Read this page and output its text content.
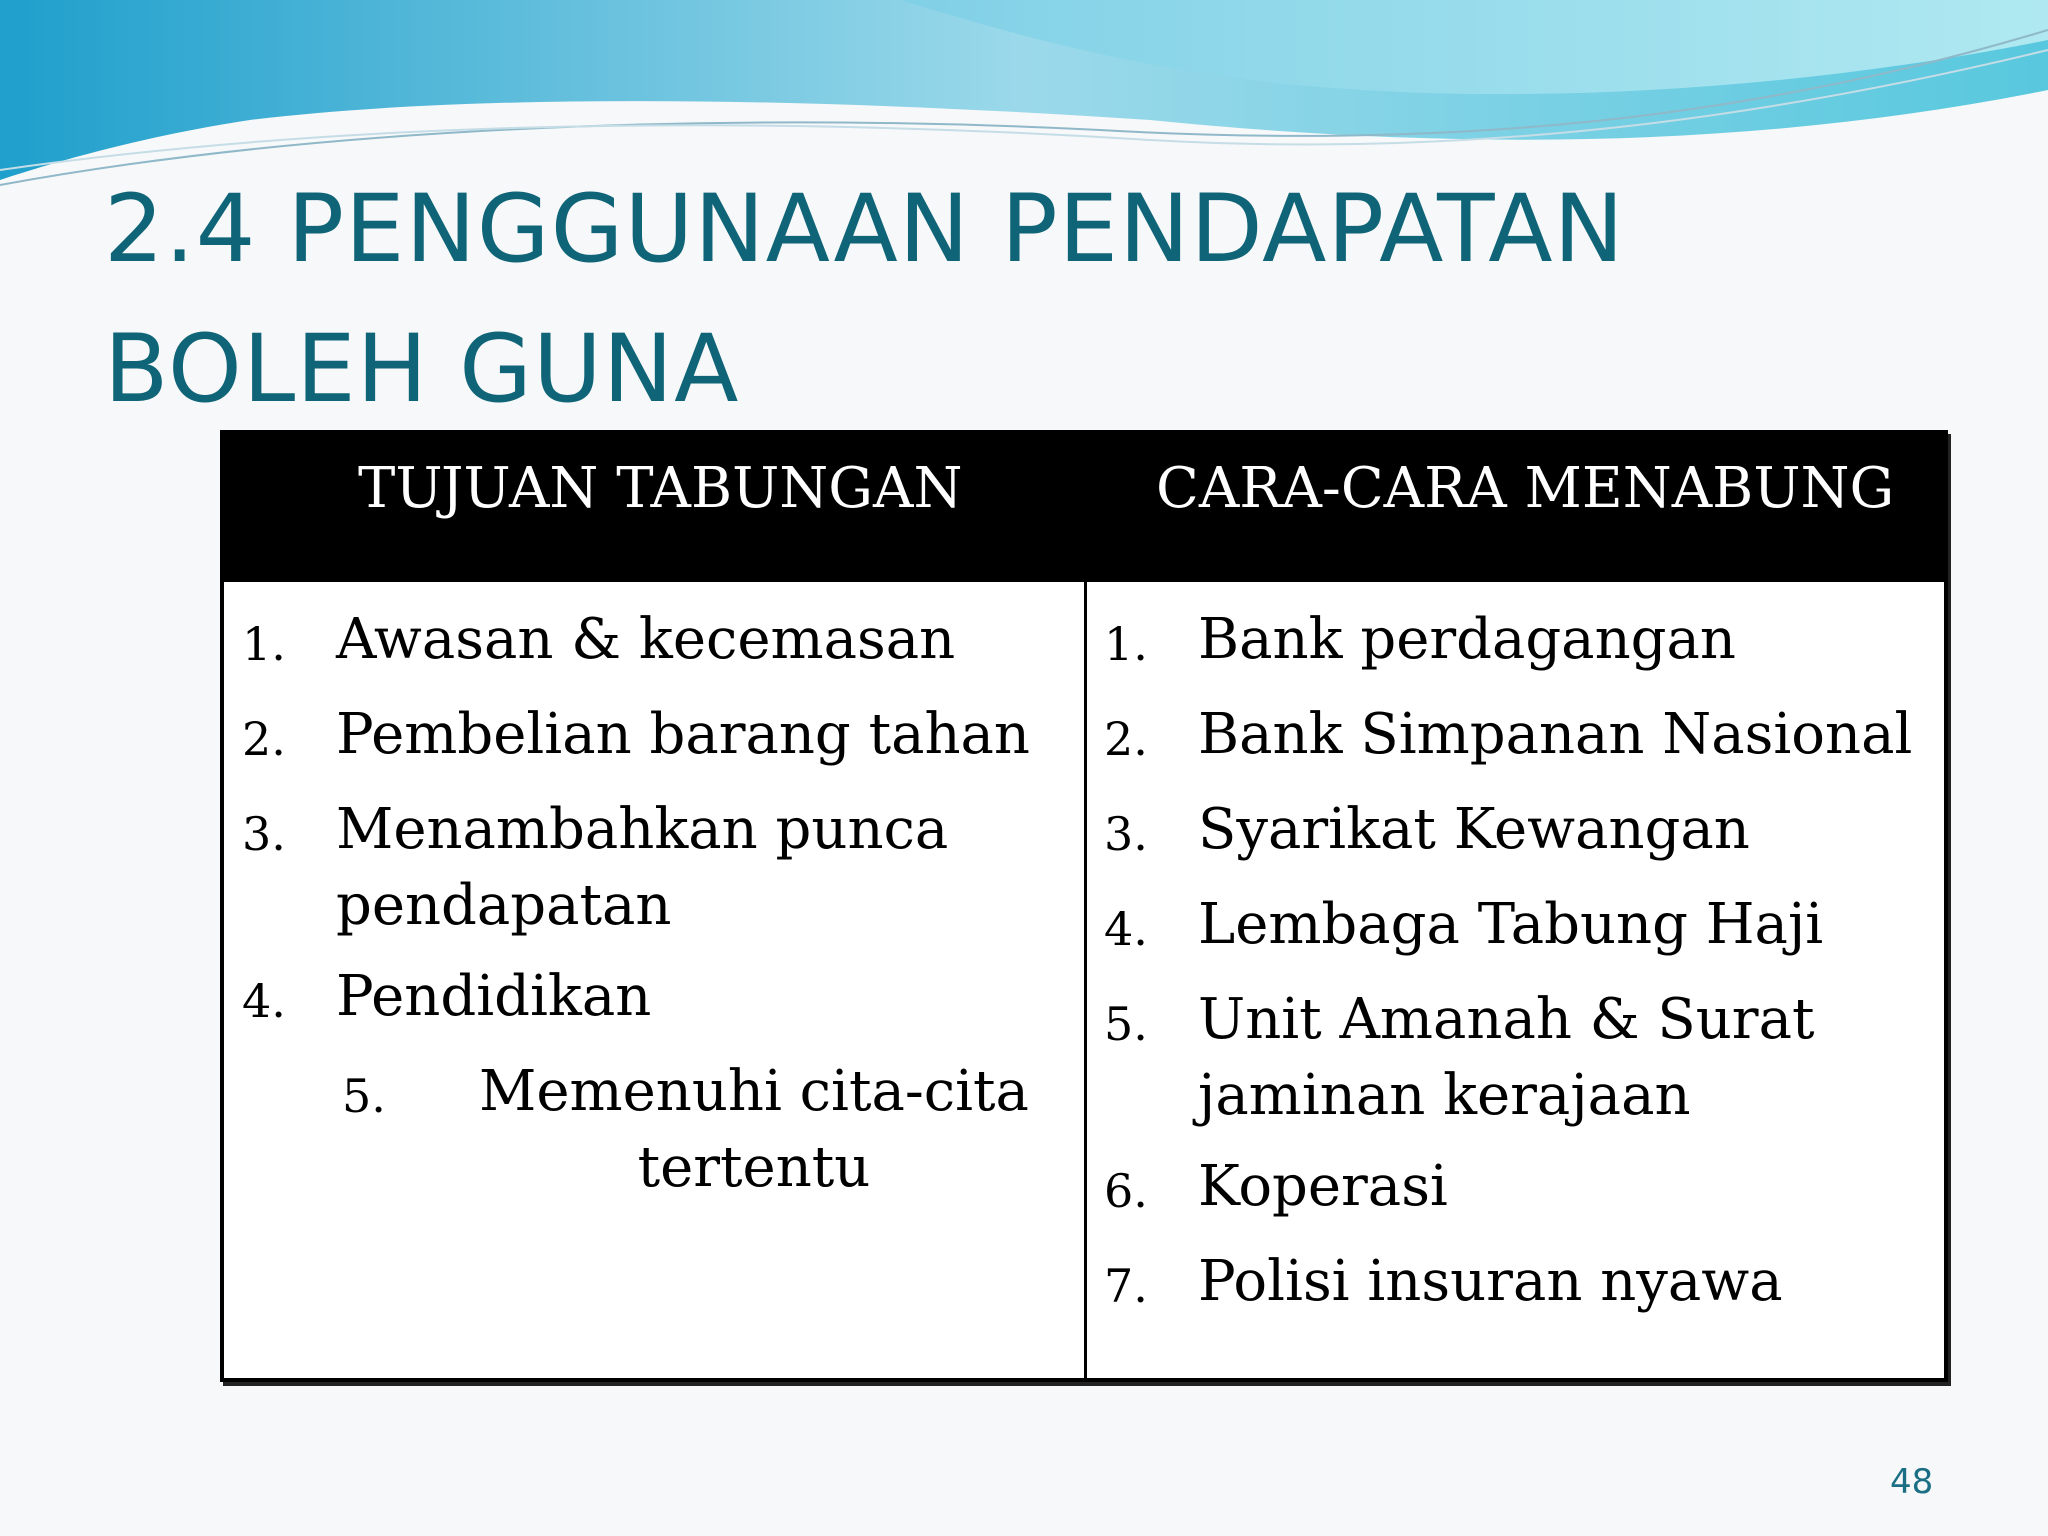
2.4 PENGGUNAAN PENDAPATAN BOLEH GUNA
TUJUAN TABUNGAN	CARA-CARA MENABUNG
1. Awasan & kecemasan
2. Pembelian barang tahan
3. Menambahkan punca pendapatan
4. Pendidikan
5.	Memenuhi cita-cita tertentu
1. Bank perdagangan
2. Bank Simpanan Nasional
3. Syarikat Kewangan
4. Lembaga Tabung Haji
5. Unit Amanah & Surat jaminan kerajaan
6. Koperasi
7. Polisi insuran nyawa
48
